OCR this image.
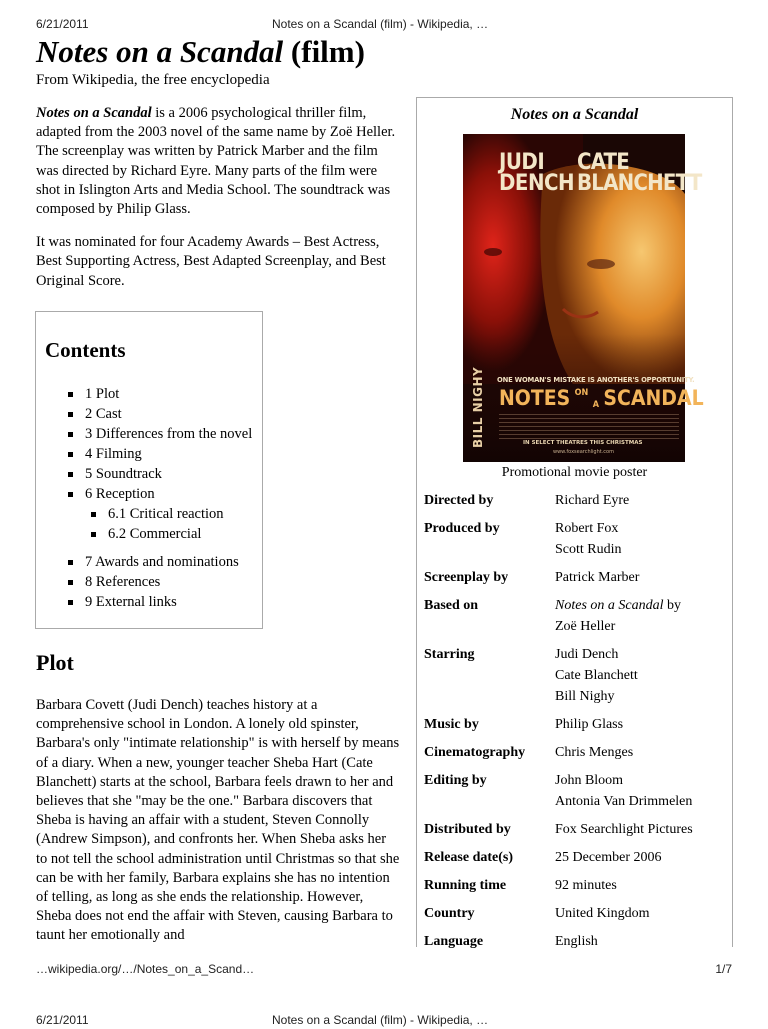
6/21/2011	Notes on a Scandal (film) - Wikipedia, …
Notes on a Scandal (film)
From Wikipedia, the free encyclopedia

Notes on a Scandal is a 2006 psychological thriller film, adapted from the 2003 novel of the same name by Zoë Heller. The screenplay was written by Patrick Marber and the film was directed by Richard Eyre. Many parts of the film were shot in Islington Arts and Media School. The soundtrack was composed by Philip Glass.

It was nominated for four Academy Awards – Best Actress, Best Supporting Actress, Best Adapted Screenplay, and Best Original Score.

Contents
1 Plot
2 Cast
3 Differences from the novel
4 Filming
5 Soundtrack
6 Reception
6.1 Critical reaction
6.2 Commercial
7 Awards and nominations
8 References
9 External links
Plot

Barbara Covett (Judi Dench) teaches history at a comprehensive school in London. A lonely old spinster, Barbara's only "intimate relationship" is with herself by means of a diary. When a new, younger teacher Sheba Hart (Cate Blanchett) starts at the school, Barbara feels drawn to her and believes that she "may be the one." Barbara discovers that Sheba is having an affair with a student, Steven Connolly (Andrew Simpson), and confronts her. When Sheba asks her to not tell the school administration until Christmas so that she can be with her family, Barbara explains she has no intention of telling, as long as she ends the relationship. However, Sheba does not end the affair with Steven, causing Barbara to taunt her emotionally and

Notes on a Scandal
JUDI
DENCH
CATE
BLANCHETT
BILL NIGHY ONE WOMAN'S MISTAKE IS ANOTHER'S OPPORTUNITY.
NOTES $^{ON}$ A SCANDAL
IN SELECT THEATRES THIS CHRISTMAS
www.foxsearchlight.com
Promotional movie poster
Directed by	Richard Eyre
Produced by	Robert Fox
Scott Rudin
Screenplay by	Patrick Marber
Based on	Notes on a Scandal by
Zoë Heller
Starring	Judi Dench
Cate Blanchett
Bill Nighy
Music by	Philip Glass
Cinematography	Chris Menges
Editing by	John Bloom
Antonia Van Drimmelen
Distributed by	Fox Searchlight Pictures
Release date(s)	25 December 2006
Running time	92 minutes
Country	United Kingdom
Language	English
…wikipedia.org/…/Notes_on_a_Scand…	1/7
6/21/2011	Notes on a Scandal (film) - Wikipedia, …
